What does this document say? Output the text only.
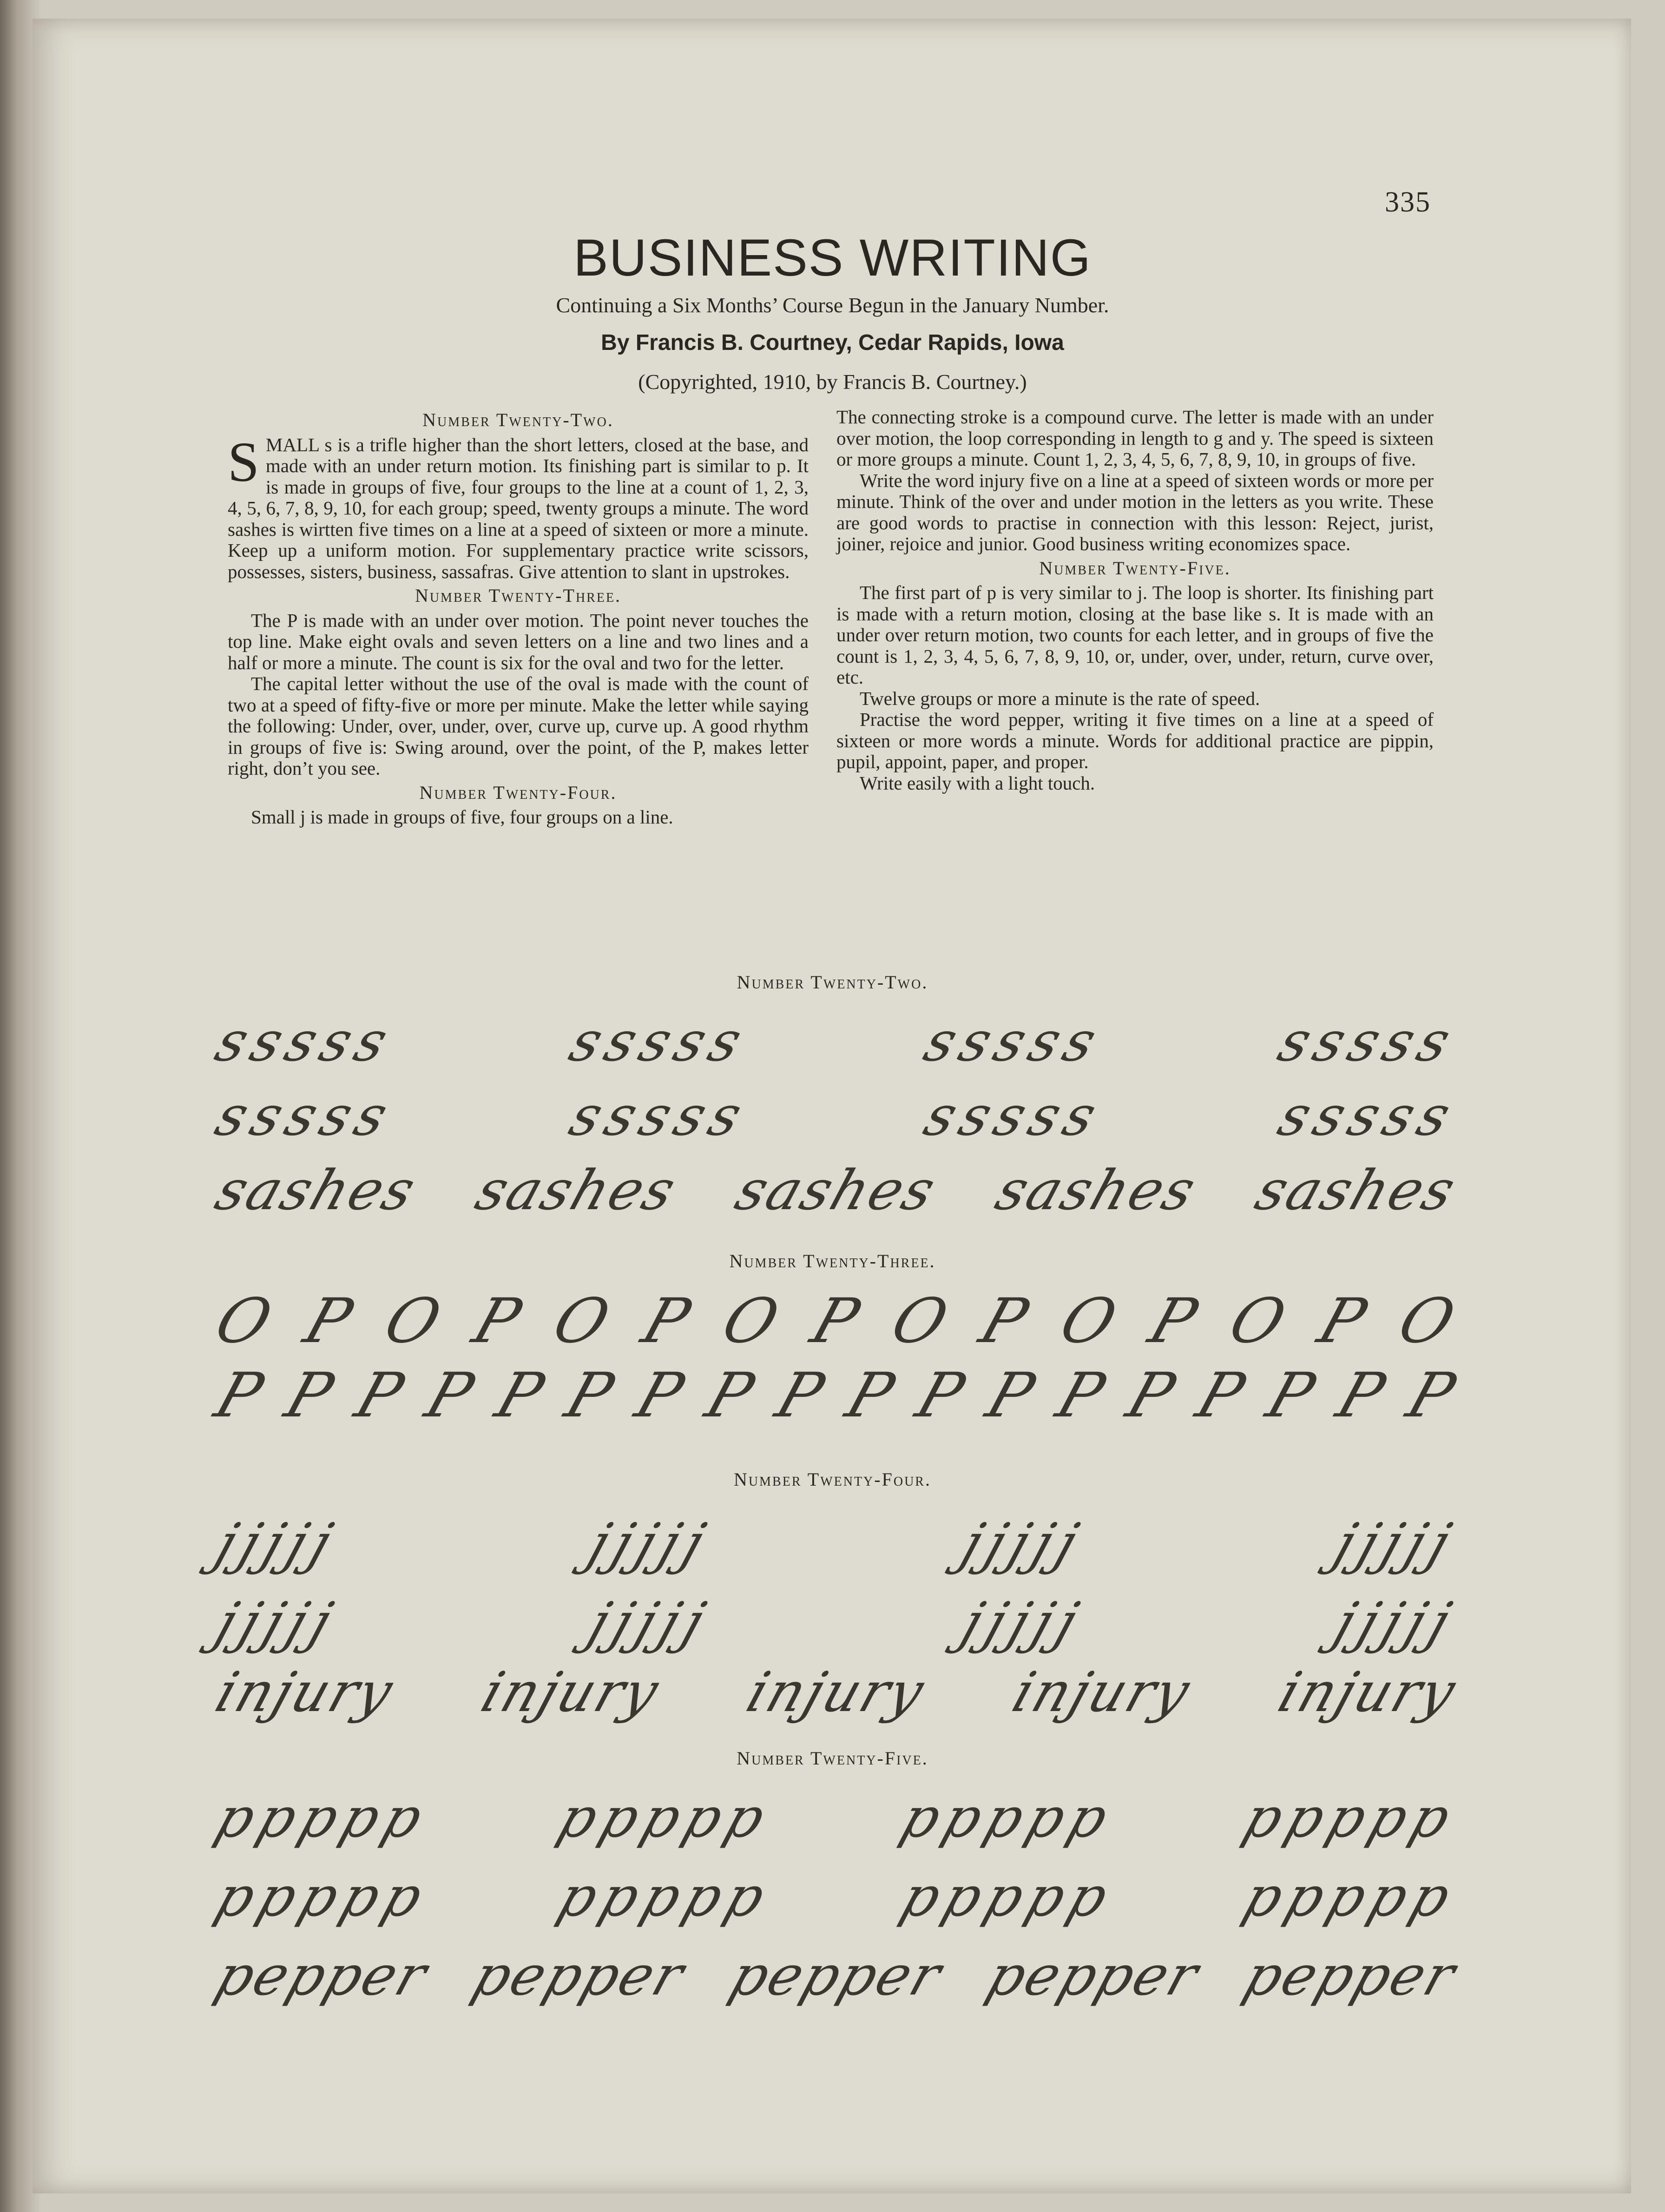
335
BUSINESS WRITING
Continuing a Six Months’ Course Begun in the January Number.
By Francis B. Courtney, Cedar Rapids, Iowa
(Copyrighted, 1910, by Francis B. Courtney.)
Number Twenty-Two.

SMALL s is a trifle higher than the short letters, closed at the base, and made with an under return motion. Its finishing part is similar to p. It is made in groups of five, four groups to the line at a count of 1, 2, 3, 4, 5, 6, 7, 8, 9, 10, for each group; speed, twenty groups a minute. The word sashes is wirtten five times on a line at a speed of sixteen or more a minute. Keep up a uniform motion. For supplementary practice write scissors, possesses, sisters, business, sassafras. Give attention to slant in upstrokes.

Number Twenty-Three.

The P is made with an under over motion. The point never touches the top line. Make eight ovals and seven letters on a line and two lines and a half or more a minute. The count is six for the oval and two for the letter.

The capital letter without the use of the oval is made with the count of two at a speed of fifty-five or more per minute. Make the letter while saying the following: Under, over, under, over, curve up, curve up. A good rhythm in groups of five is: Swing around, over the point, of the P, makes letter right, don’t you see.

Number Twenty-Four.

Small j is made in groups of five, four groups on a line.

The connecting stroke is a compound curve. The letter is made with an under over motion, the loop corresponding in length to g and y. The speed is sixteen or more groups a minute. Count 1, 2, 3, 4, 5, 6, 7, 8, 9, 10, in groups of five.

Write the word injury five on a line at a speed of sixteen words or more per minute. Think of the over and under motion in the letters as you write. These are good words to practise in connection with this lesson: Reject, jurist, joiner, rejoice and junior. Good business writing economizes space.

Number Twenty-Five.

The first part of p is very similar to j. The loop is shorter. Its finishing part is made with a return motion, closing at the base like s. It is made with an under over return motion, two counts for each letter, and in groups of five the count is 1, 2, 3, 4, 5, 6, 7, 8, 9, 10, or, under, over, under, return, curve over, etc.

Twelve groups or more a minute is the rate of speed.

Practise the word pepper, writing it five times on a line at a speed of sixteen or more words a minute. Words for additional practice are pippin, pupil, appoint, paper, and proper.

Write easily with a light touch.

Number Twenty-Two.
sssss	sssss	sssss	sssss
sssss	sssss	sssss	sssss
sashes sashes sashes sashes sashes
Number Twenty-Three.
O P O P O P O P O P O P O P O
P P P P P P P P P P P P P P P P P P
Number Twenty-Four.
jjjjj	jjjjj	jjjjj	jjjjj
jjjjj	jjjjj	jjjjj	jjjjj
injury injury injury injury injury
Number Twenty-Five.
ppppp ppppp ppppp ppppp
ppppp ppppp ppppp ppppp
pepper pepper pepper pepper pepper
